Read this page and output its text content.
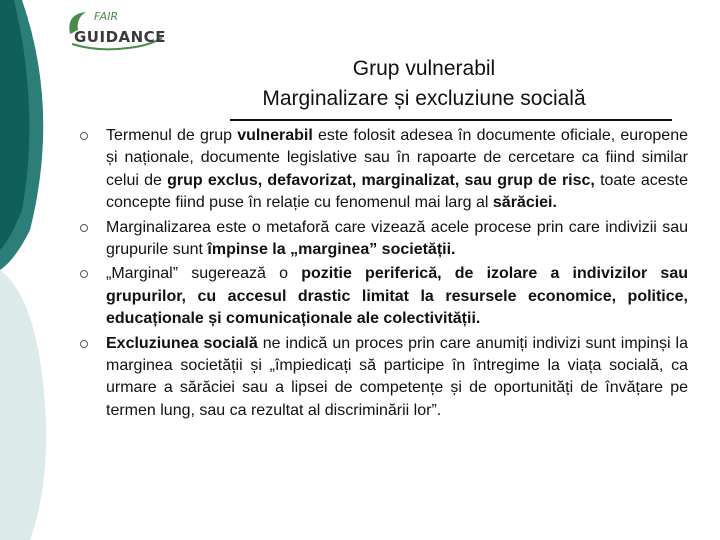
FAIR
GUIDANCE
Grup vulnerabil
Marginalizare și excluziune socială
Termenul de grup vulnerabil este folosit adesea în documente oficiale, europene și naționale, documente legislative sau în rapoarte de cercetare ca fiind similar celui de grup exclus, defavorizat, marginalizat, sau grup de risc, toate aceste concepte fiind puse în relație cu fenomenul mai larg al sărăciei.
Marginalizarea este o metaforă care vizează acele procese prin care indivizii sau grupurile sunt împinse la „marginea” societății.
„Marginal” sugerează o pozitie periferică, de izolare a indivizilor sau grupurilor, cu accesul drastic limitat la resursele economice, politice, educaționale și comunicaționale ale colectivității.
Excluziunea socială ne indică un proces prin care anumiți indivizi sunt impinși la marginea societății și „împiedicați să participe în întregime la viața socială, ca urmare a sărăciei sau a lipsei de competențe și de oportunități de învățare pe termen lung, sau ca rezultat al discriminării lor”.
